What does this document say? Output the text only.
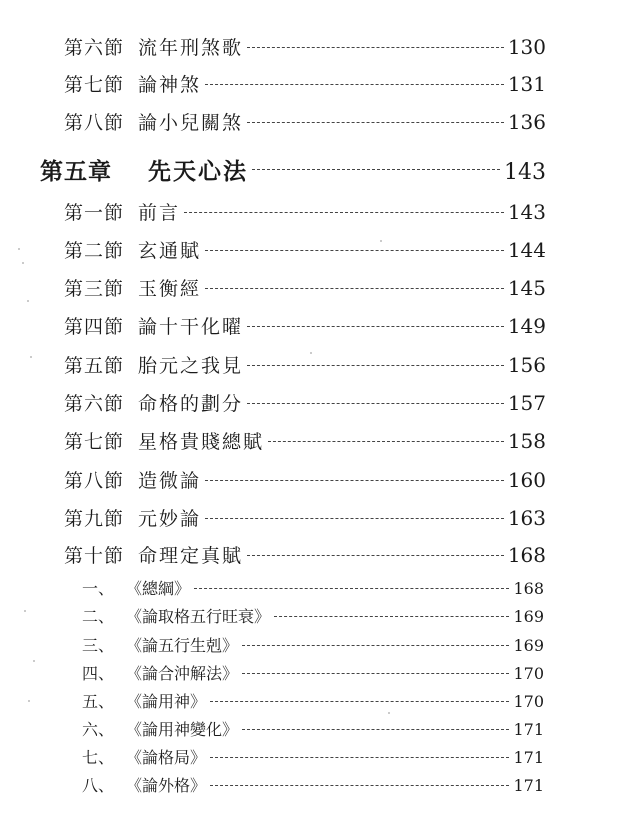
第六節 流年刑煞歌	130
第七節 論神煞	131
第八節 論小兒關煞	136
第五章	先天心法	143
第一節 前言	143
第二節 玄通賦	144
第三節 玉衡經	145
第四節 論十干化曜	149
第五節 胎元之我見	156
第六節 命格的劃分	157
第七節 星格貴賤總賦	158
第八節 造微論	160
第九節 元妙論	163
第十節 命理定真賦	168
一、 《總綱》	168
二、 《論取格五行旺衰》	169
三、 《論五行生剋》	169
四、 《論合沖解法》	170
五、 《論用神》	170
六、 《論用神變化》	171
七、 《論格局》	171
八、 《論外格》	171
